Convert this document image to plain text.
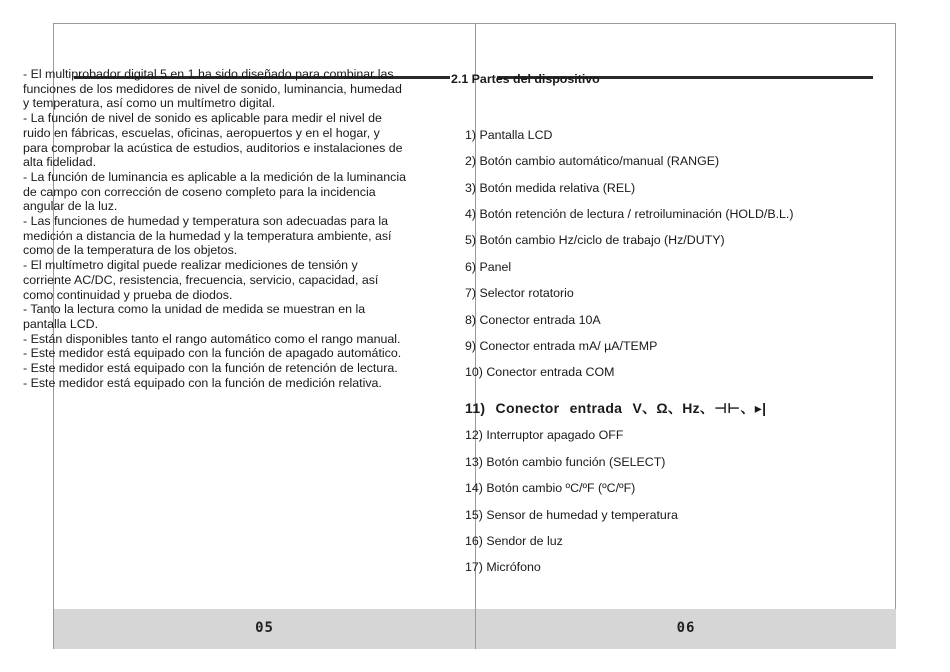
05	06

- El multiprobador digital 5 en 1 ha sido diseñado para combinar las funciones de los medidores de nivel de sonido, luminancia, humedad y temperatura, así como un multímetro digital.

- La función de nivel de sonido es aplicable para medir el nivel de ruido en fábricas, escuelas, oficinas, aeropuertos y en el hogar, y para comprobar la acústica de estudios, auditorios e instalaciones de alta fidelidad.

- La función de luminancia es aplicable a la medición de la luminancia de campo con corrección de coseno completo para la incidencia angular de la luz.

- Las funciones de humedad y temperatura son adecuadas para la medición a distancia de la humedad y la temperatura ambiente, así como de la temperatura de los objetos.

- El multímetro digital puede realizar mediciones de tensión y corriente AC/DC, resistencia, frecuencia, servicio, capacidad, así como continuidad y prueba de diodos.

- Tanto la lectura como la unidad de medida se muestran en la pantalla LCD.

- Están disponibles tanto el rango automático como el rango manual.

- Este medidor está equipado con la función de apagado automático.

- Este medidor está equipado con la función de retención de lectura.

- Este medidor está equipado con la función de medición relativa.

2.1 Partes del dispositivo
1) Pantalla LCD
2) Botón cambio automático/manual (RANGE)
3) Botón medida relativa (REL)
4) Botón retención de lectura / retroiluminación (HOLD/B.L.)
5) Botón cambio Hz/ciclo de trabajo (Hz/DUTY)
6) Panel
7) Selector rotatorio
8) Conector entrada 10A
9) Conector entrada mA/ µA/TEMP
10) Conector entrada COM
11) Conector entrada V、Ω、Hz、⊣⊢、▸|
12) Interruptor apagado OFF
13) Botón cambio función (SELECT)
14) Botón cambio ºC/ºF (ºC/ºF)
15) Sensor de humedad y temperatura
16) Sendor de luz
17) Micrófono
